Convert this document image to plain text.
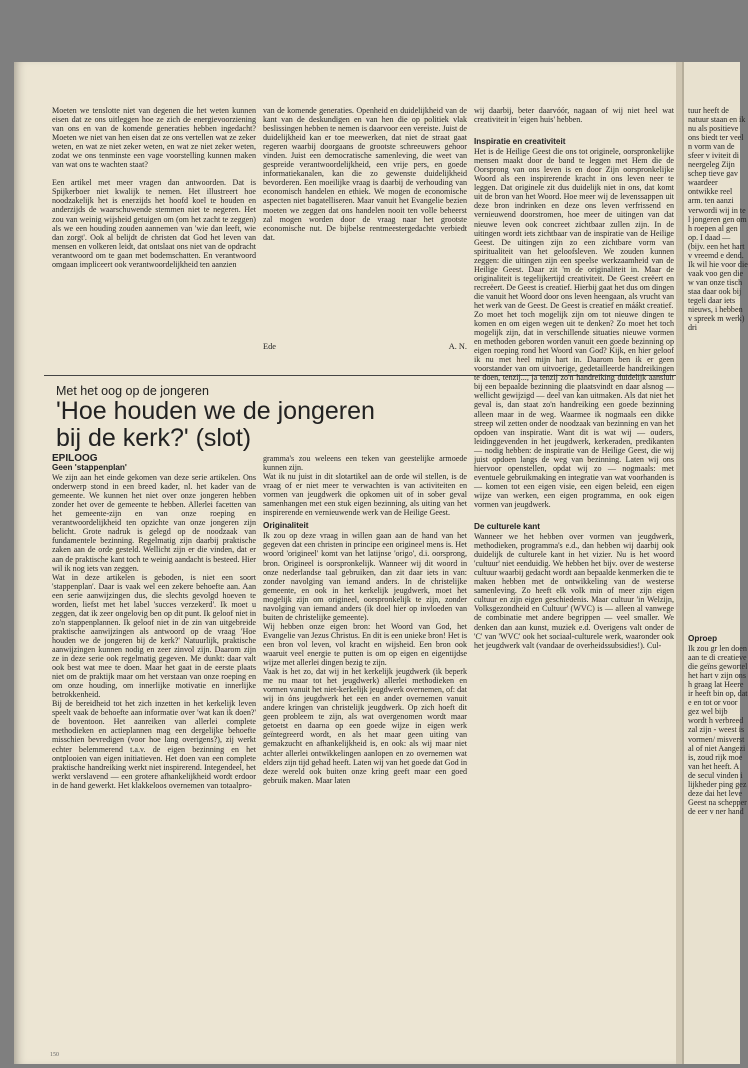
Moeten we tenslotte niet van degenen die het weten kunnen eisen dat ze ons uitleggen hoe ze zich de energievoorziening van ons en van de komende generaties hebben ingedacht? Moeten we niet van hen eisen dat ze ons vertellen wat ze zeker weten, en wat ze niet zeker weten, en wat ze niet zeker weten, zodat we ons tenminste een vage voorstelling kunnen maken van wat ons te wachten staat?

Een artikel met meer vragen dan antwoorden. Dat is Spijkerboer niet kwalijk te nemen. Het illustreert hoe noodzakelijk het is enerzijds het hoofd koel te houden en anderzijds de waarschuwende stemmen niet te negeren. Het zou van weinig wijsheid getuigen om (om het zacht te zeggen) als we een houding zouden aannemen van 'wie dan leeft, wie dan zorgt'. Ook al belijdt de christen dat God het leven van mensen en volkeren leidt, dat ontslaat ons niet van de opdracht verantwoord om te gaan met bodemschatten. En verantwoord omgaan impliceert ook verantwoordelijkheid ten aanzien

van de komende generaties. Openheid en duidelijkheid van de kant van de deskundigen en van hen die op politiek vlak beslissingen hebben te nemen is daarvoor een vereiste. Juist de duidelijkheid kan er toe meewerken, dat niet de straat gaat regeren waarbij doorgaans de grootste schreeuwers gehoor vinden. Juist een democratische samenleving, die weet van gespreide verantwoordelijkheid, een vrije pers, en goede informatiekanalen, kan die zo gewenste duidelijkheid bevorderen. Een moeilijke vraag is daarbij de verhouding van economisch handelen en ethiek. We mogen de economische aspecten niet bagatelliseren. Maar vanuit het Evangelie bezien moeten we zeggen dat ons handelen nooit ten volle beheerst zal mogen worden door de vraag naar het grootste economische nut. De bijbelse rentmeestergedachte verbiedt dat.

Ede	A. N.
Met het oog op de jongeren
'Hoe houden we de jongeren bij de kerk?' (slot)

EPILOOG

Geen 'stappenplan'

We zijn aan het einde gekomen van deze serie artikelen. Ons onderwerp stond in een breed kader, nl. het kader van de gemeente. We kunnen het niet over onze jongeren hebben zonder het over de gemeente te hebben. Allerlei facetten van het gemeente-zijn en van onze roeping en verantwoordelijkheid ten opzichte van onze jongeren zijn belicht. Grote nadruk is gelegd op de noodzaak van fundamentele bezinning. Regelmatig zijn daarbij praktische zaken aan de orde gesteld. Wellicht zijn er die vinden, dat er aan de praktische kant toch te weinig aandacht is besteed. Hier wil ik nog iets van zeggen.

Wat in deze artikelen is geboden, is niet een soort 'stappenplan'. Daar is vaak wel een zekere behoefte aan. Aan een serie aanwijzingen dus, die slechts gevolgd hoeven te worden, liefst met het label 'succes verzekerd'. Ik moet u zeggen, dat ik zeer ongelovig ben op dit punt. Ik geloof niet in zo'n stappenplannen. Ik geloof niet in de zin van uitgebreide praktische aanwijzingen als antwoord op de vraag 'Hoe houden we de jongeren bij de kerk?' Natuurlijk, praktische aanwijzingen kunnen nodig en zeer zinvol zijn. Daarom zijn ze in deze serie ook regelmatig gegeven. Me dunkt: daar valt ook best wat mee te doen. Maar het gaat in de eerste plaats niet om de praktijk maar om het verstaan van onze roeping en om onze houding, om innerlijke motivatie en innerlijke betrokkenheid.

Bij de bereidheid tot het zich inzetten in het kerkelijk leven speelt vaak de behoefte aan informatie over 'wat kan ik doen?' de boventoon. Het aanreiken van allerlei complete methodieken en actieplannen mag een dergelijke behoefte misschien bevredigen (voor hoe lang overigens?), zij werkt echter belemmerend t.a.v. de eigen bezinning en het ontplooien van eigen initiatieven. Het doen van een complete praktische handreiking werkt niet inspirerend. Integendeel, het werkt verslavend — een grotere afhankelijkheid wordt erdoor in de hand gewerkt. Het klakkeloos overnemen van totaalpro-

gramma's zou weleens een teken van geestelijke armoede kunnen zijn.

Wat ik nu juist in dit slotartikel aan de orde wil stellen, is de vraag of er niet meer te verwachten is van activiteiten en vormen van jeugdwerk die opkomen uit of in sober geval samenhangen met een stuk eigen bezinning, als uiting van het inspirerende en vernieuwende werk van de Heilige Geest.

Originaliteit

Ik zou op deze vraag in willen gaan aan de hand van het gegeven dat een christen in principe een origineel mens is. Het woord 'origineel' komt van het latijnse 'origo', d.i. oorsprong, bron. Origineel is oorspronkelijk. Wanneer wij dit woord in onze nederlandse taal gebruiken, dan zit daar iets in van: zonder navolging van iemand anders. In de christelijke gemeente, en ook in het kerkelijk jeugdwerk, moet het mogelijk zijn om origineel, oorspronkelijk te zijn, zonder navolging van iemand anders (ik doel hier op invloeden van buiten de christelijke gemeente).

Wij hebben onze eigen bron: het Woord van God, het Evangelie van Jezus Christus. En dit is een unieke bron! Het is een bron vol leven, vol kracht en wijsheid. Een bron ook waaruit veel energie te putten is om op eigen en eigentijdse wijze met allerlei dingen bezig te zijn.

Vaak is het zo, dat wij in het kerkelijk jeugdwerk (ik beperk me nu maar tot het jeugdwerk) allerlei methodieken en vormen vanuit het niet-kerkelijk jeugdwerk overnemen, of: dat wij in óns jeugdwerk het een en ander overnemen vanuit andere kringen van christelijk jeugdwerk. Op zich hoeft dit geen probleem te zijn, als wat overgenomen wordt maar getoetst en daarna op een goede wijze in eigen werk geïntegreerd wordt, en als het maar geen uiting van gemakzucht en afhankelijkheid is, en ook: als wij maar niet achter allerlei ontwikkelingen aanlopen en zo overnemen wat elders zijn tijd gehad heeft. Laten wij van het goede dat God in deze wereld ook buiten onze kring geeft maar een goed gebruik maken. Maar laten

wij daarbij, beter daarvóór, nagaan of wij niet heel wat creativiteit in 'eigen huis' hebben.

Inspiratie en creativiteit

Het is de Heilige Geest die ons tot originele, oorspronkelijke mensen maakt door de band te leggen met Hem die de Oorsprong van ons leven is en door Zijn oorspronkelijke Woord als een inspirerende kracht in ons leven neer te leggen. Dat originele zit dus duidelijk niet in ons, dat komt uit de bron van het Woord. Hoe meer wij de levenssappen uit deze bron indrinken en deze ons leven verfrissend en vernieuwend doorstromen, hoe meer de uitingen van dat nieuwe leven ook concreet zichtbaar zullen zijn. In de uitingen wordt iets zichtbaar van de inspiratie van de Heilige Geest. De uitingen zijn zo een zichtbare vorm van spiritualiteit van het geloofsleven. We zouden kunnen zeggen: die uitingen zijn een speelse werkzaamheid van de Heilige Geest. Daar zit 'm de originaliteit in. Maar de originaliteit is tegelijkertijd creativiteit. De Geest creëert en recreëert. De Geest is creatief. Hierbij gaat het dus om dingen die vanuit het Woord door ons leven heengaan, als vrucht van het werk van de Geest. De Geest is creatief en máákt creatief.

Zo moet het toch mogelijk zijn om tot nieuwe dingen te komen en om eigen wegen uit te denken? Zo moet het toch mogelijk zijn, dat in verschillende situaties nieuwe vormen en methoden geboren worden vanuit een goede bezinning op eigen roeping rond het Woord van God? Kijk, en hier geloof ik nu met heel mijn hart in. Daarom ben ik er geen voorstander van om uitvoerige, gedetailleerde handreikingen te doen, tenzij..., ja tenzij zo'n handreiking duidelijk aansluit bij een bepaalde bezinning die plaatsvindt en daar alsnog — wellicht gewijzigd — deel van kan uitmaken. Als dat niet het geval is, dan staat zo'n handreiking een goede bezinning alleen maar in de weg. Waarmee ik nogmaals een dikke streep wil zetten onder de noodzaak van bezinning en van het opdoen van inspiratie. Want dit is wat wij — ouders, leidinggevenden in het jeugdwerk, kerkeraden, predikanten — nodig hebben: de inspiratie van de Heilige Geest, die wij juist opdoen langs de weg van bezinning. Laten wij ons hiervoor openstellen, opdat wij zo — nogmaals: met eventuele gebruikmaking en integratie van wat voorhanden is — komen tot een eigen visie, een eigen beleid, een eigen wijze van werken, een eigen programma, en ook eigen vormen van jeugdwerk.

De culturele kant

Wanneer we het hebben over vormen van jeugdwerk, methodieken, programma's e.d., dan hebben wij daarbij ook duidelijk de culturele kant in het vizier. Nu is het woord 'cultuur' niet eenduidig. We hebben het bijv. over de westerse cultuur waarbij gedacht wordt aan bepaalde kenmerken die te maken hebben met de ontwikkeling van de westerse samenleving. Zo heeft elk volk min of meer zijn eigen cultuur en zijn eigen geschiedenis. Maar cultuur 'in Welzijn, Volksgezondheid en Cultuur' (WVC) is — alleen al vanwege de combinatie met andere begrippen — veel smaller. We denken dan aan kunst, muziek e.d. Overigens valt onder de 'C' van 'WVC' ook het sociaal-culturele werk, waaronder ook het jeugdwerk valt (vandaar de overheidssubsidies!). Cul-

tuur heeft de natuur staan en ik nu als positieve ons biedt ter veel n vorm van de sfeer v iviteit di neergeleg Zijn schep tieve gav waardeer ontwikke reel arm. ten aanzi verwordi wij in te l jongeren gen om h roepen al gen op. I daad — (bijv. een het hart v vreemd e dend. Ik wil hie voor die vaak voo gen die w van onze tisch staa daar ook bij tegeli daar iets nieuws, i hebben v spreek m werk) dri

Oproep

Ik zou gr len doen aan te di creatieve die geïns gewortel het hart v zijn ons h graag lat Heere ir heeft bin op, dat e en tot or voor gez wel bijb wordt h verbreed zal zijn - weest is vormen/ misverst al of niet Aangezi is, zoud rijk moe van het heeft. A de secul vinden i lijkheder ping gez deze dai het leve Geest na schepper de eer v ner hand

150
